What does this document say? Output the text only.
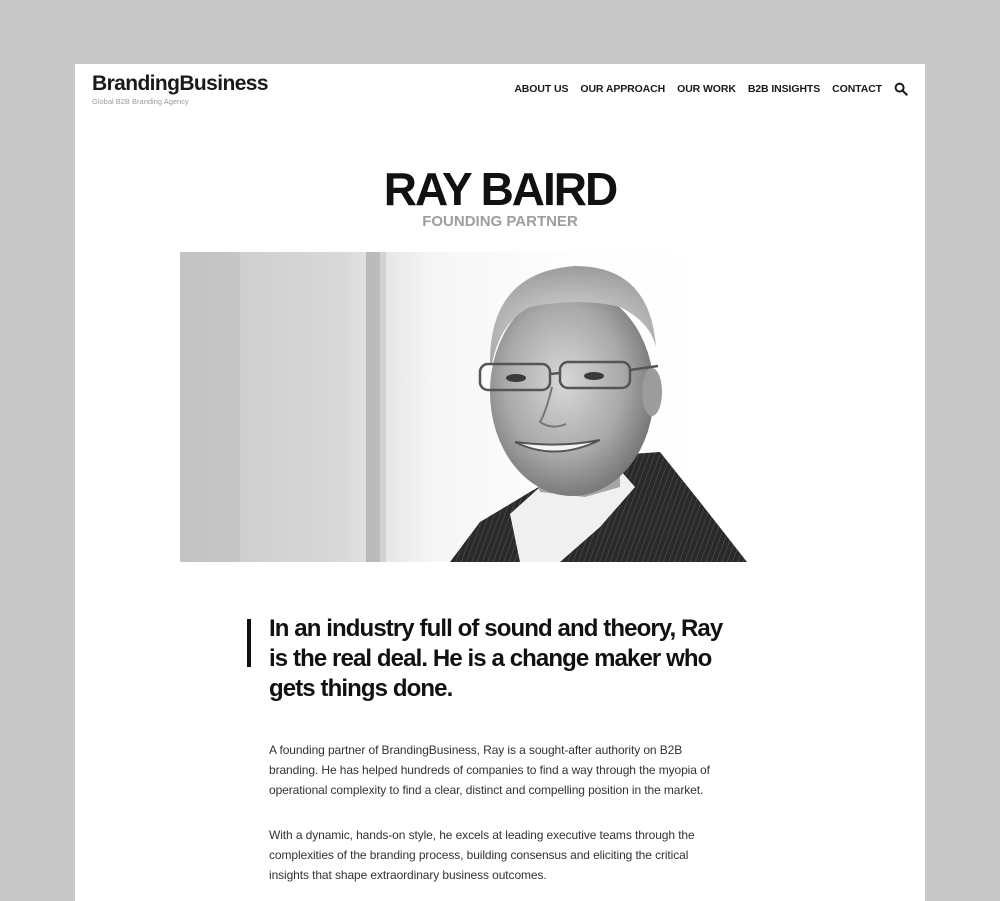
BrandingBusiness
Global B2B Branding Agency
ABOUT US OUR APPROACH OUR WORK B2B INSIGHTS CONTACT
RAY BAIRD
FOUNDING PARTNER

In an industry full of sound and theory, Ray is the real deal. He is a change maker who gets things done.

A founding partner of BrandingBusiness, Ray is a sought-after authority on B2B branding. He has helped hundreds of companies to find a way through the myopia of operational complexity to find a clear, distinct and compelling position in the market.

With a dynamic, hands-on style, he excels at leading executive teams through the complexities of the branding process, building consensus and eliciting the critical insights that shape extraordinary business outcomes.
